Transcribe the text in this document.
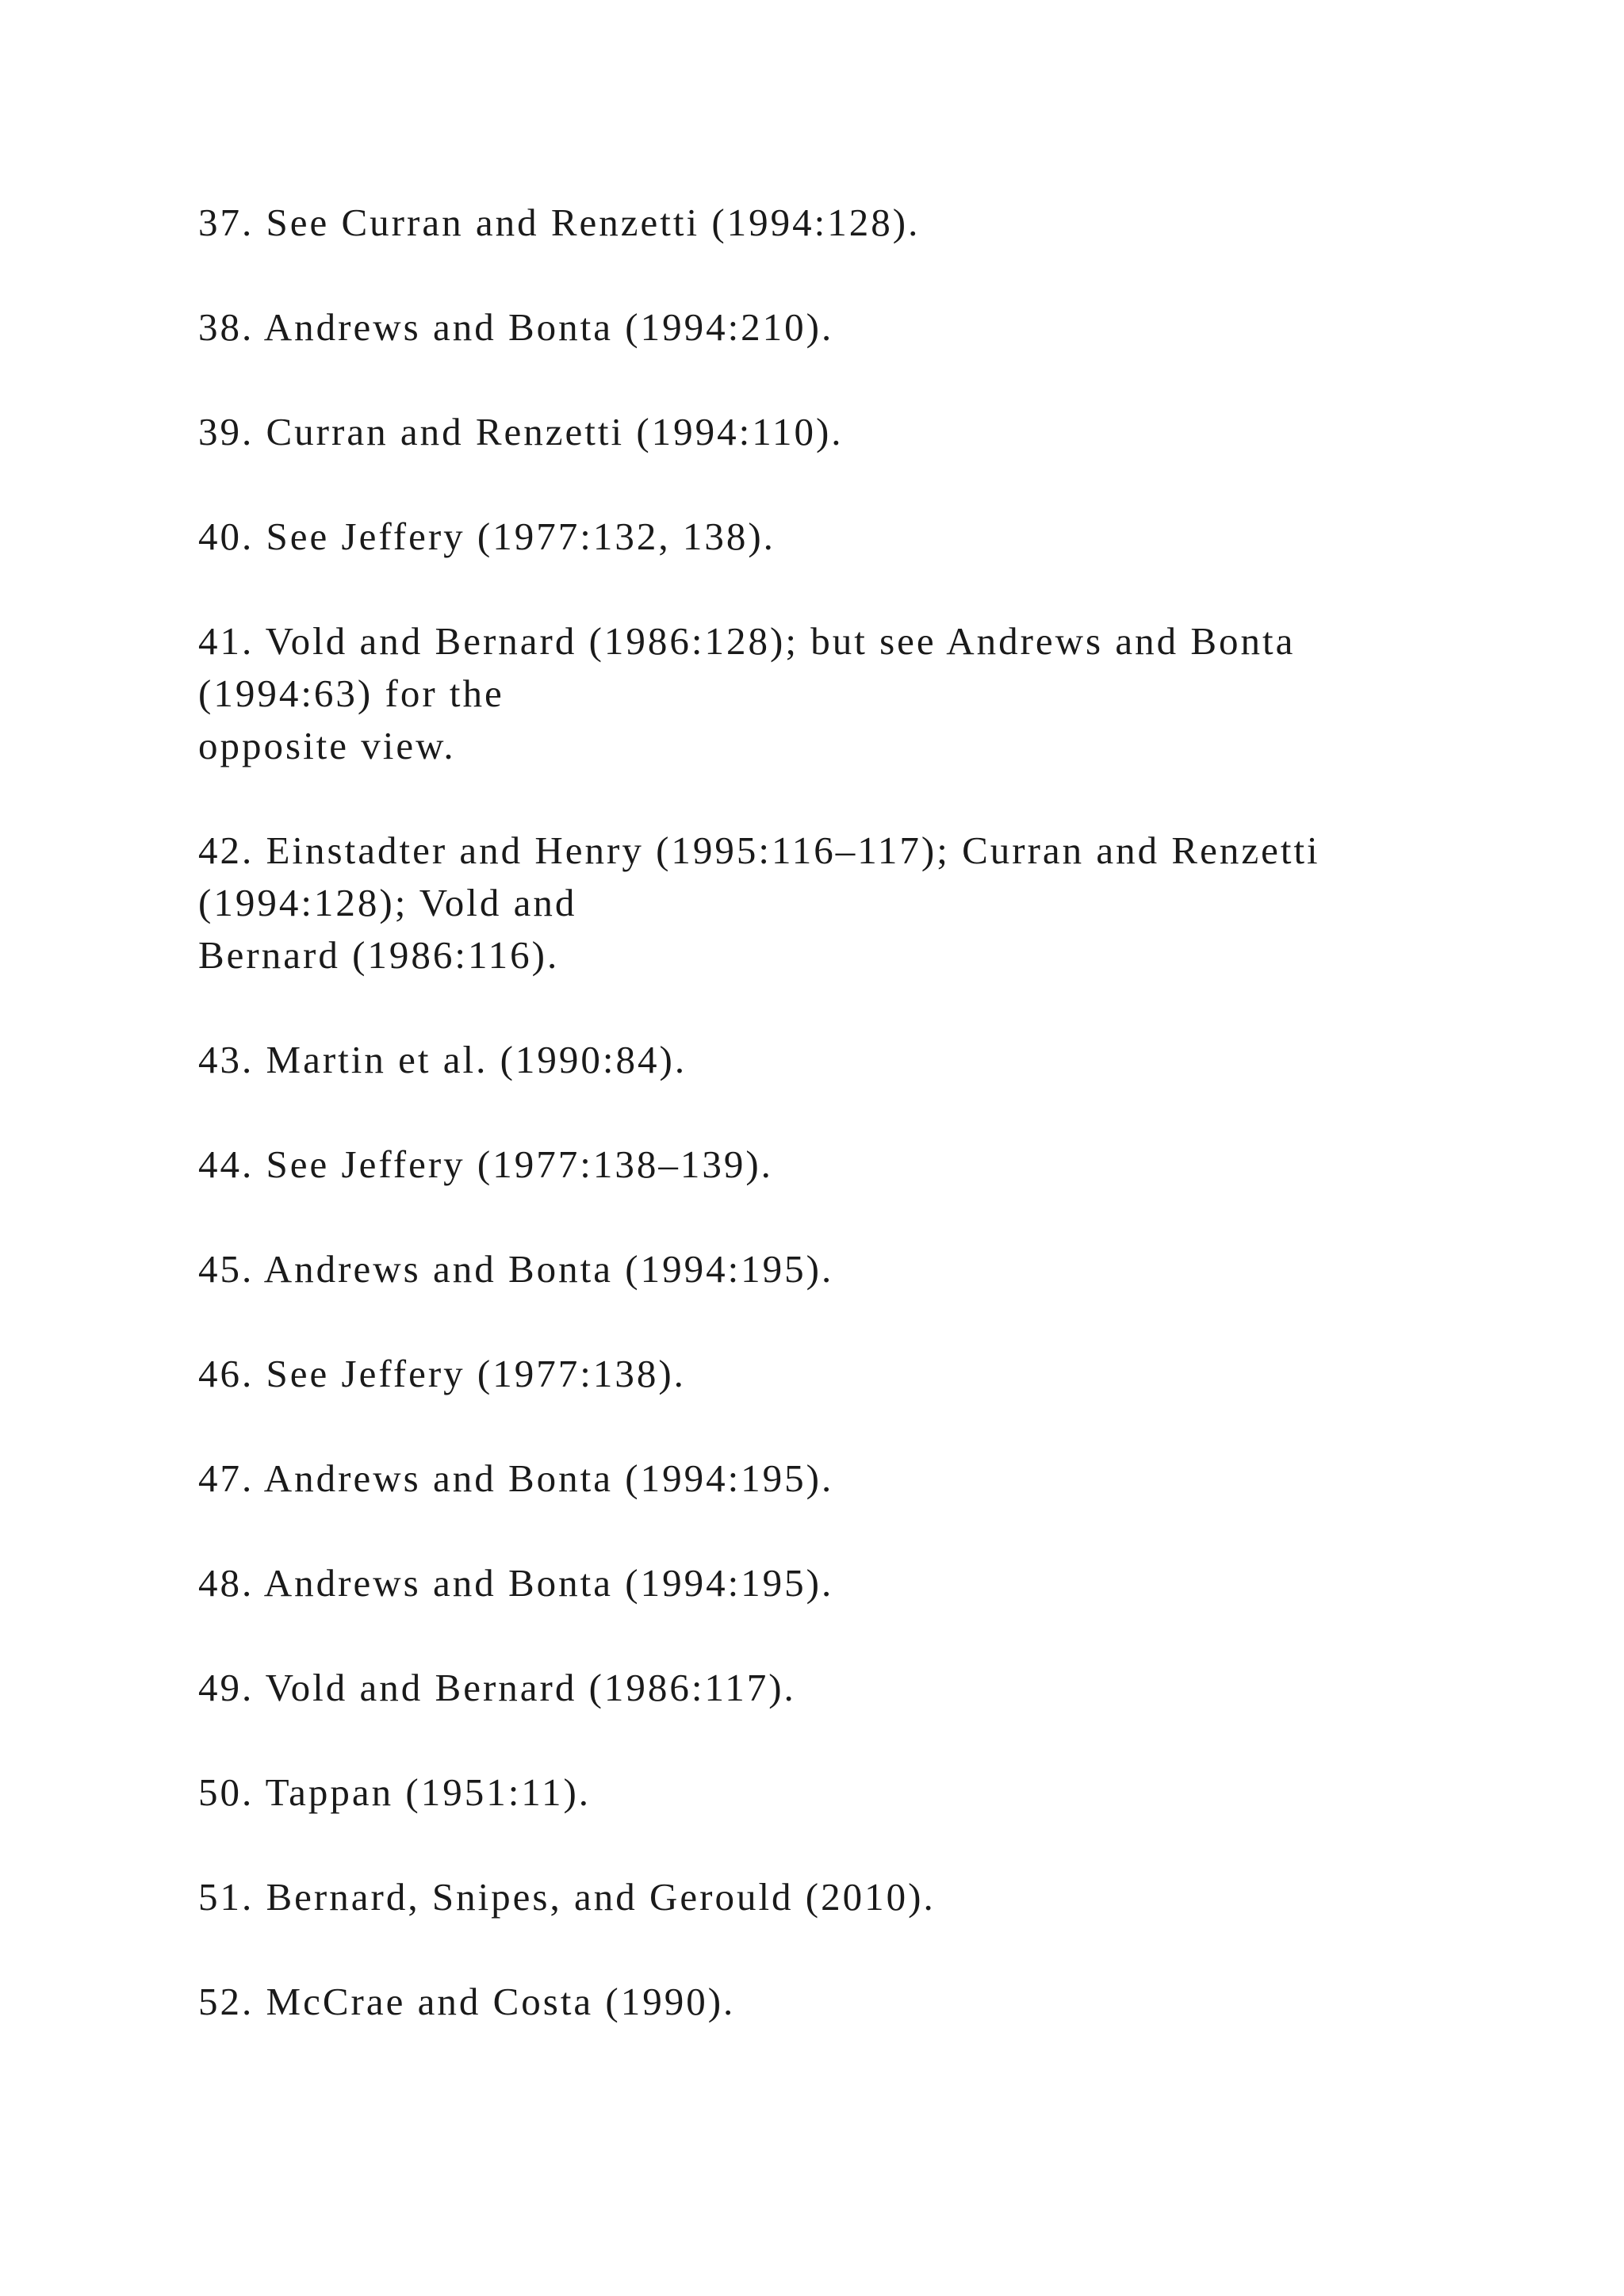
37. See Curran and Renzetti (1994:128).
38. Andrews and Bonta (1994:210).
39. Curran and Renzetti (1994:110).
40. See Jeffery (1977:132, 138).
41. Vold and Bernard (1986:128); but see Andrews and Bonta
(1994:63) for the
opposite view.
42. Einstadter and Henry (1995:116–117); Curran and Renzetti
(1994:128); Vold and
Bernard (1986:116).
43. Martin et al. (1990:84).
44. See Jeffery (1977:138–139).
45. Andrews and Bonta (1994:195).
46. See Jeffery (1977:138).
47. Andrews and Bonta (1994:195).
48. Andrews and Bonta (1994:195).
49. Vold and Bernard (1986:117).
50. Tappan (1951:11).
51. Bernard, Snipes, and Gerould (2010).
52. McCrae and Costa (1990).
